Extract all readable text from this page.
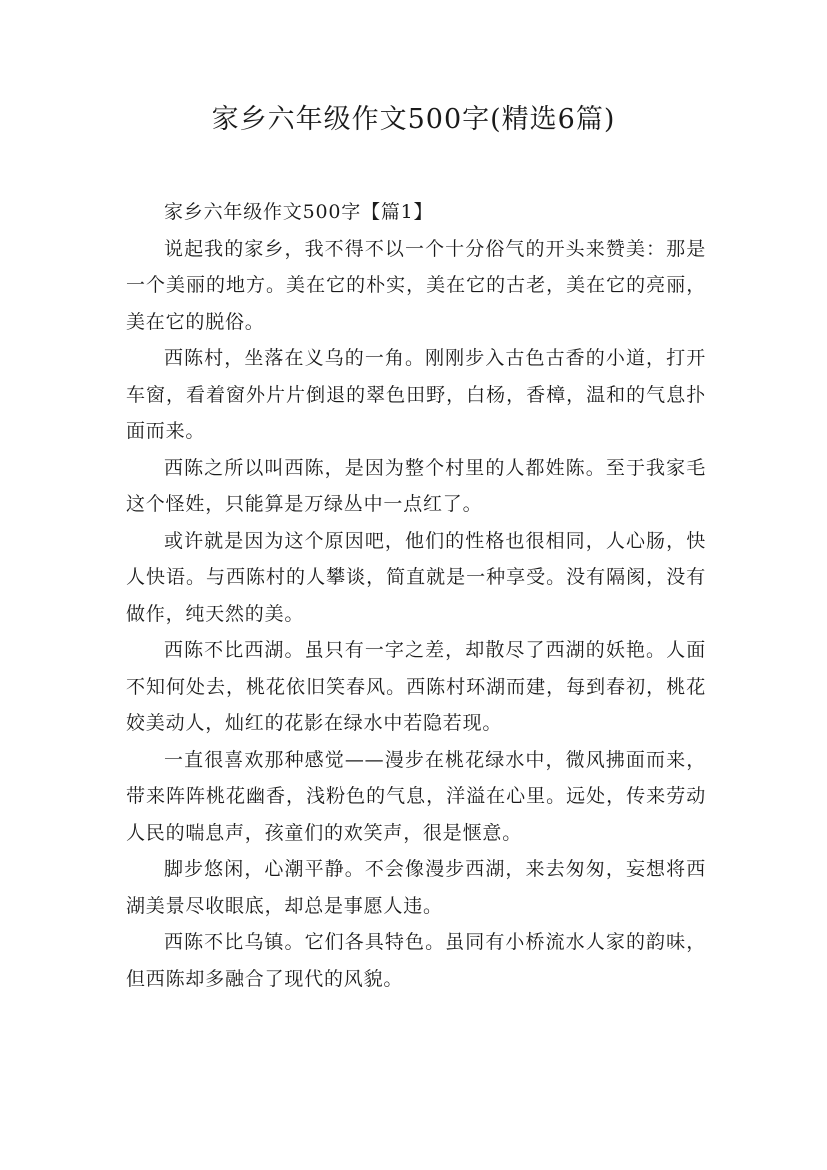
家乡六年级作文500字(精选6篇)

家乡六年级作文500字【篇1】

说起我的家乡，我不得不以一个十分俗气的开头来赞美：那是一个美丽的地方。美在它的朴实，美在它的古老，美在它的亮丽，美在它的脱俗。

西陈村，坐落在义乌的一角。刚刚步入古色古香的小道，打开车窗，看着窗外片片倒退的翠色田野，白杨，香樟，温和的气息扑面而来。

西陈之所以叫西陈，是因为整个村里的人都姓陈。至于我家毛这个怪姓，只能算是万绿丛中一点红了。

或许就是因为这个原因吧，他们的性格也很相同，人心肠，快人快语。与西陈村的人攀谈，简直就是一种享受。没有隔阂，没有做作，纯天然的美。

西陈不比西湖。虽只有一字之差，却散尽了西湖的妖艳。人面不知何处去，桃花依旧笑春风。西陈村环湖而建，每到春初，桃花姣美动人，灿红的花影在绿水中若隐若现。

一直很喜欢那种感觉——漫步在桃花绿水中，微风拂面而来，带来阵阵桃花幽香，浅粉色的气息，洋溢在心里。远处，传来劳动人民的喘息声，孩童们的欢笑声，很是惬意。

脚步悠闲，心潮平静。不会像漫步西湖，来去匆匆，妄想将西湖美景尽收眼底，却总是事愿人违。

西陈不比乌镇。它们各具特色。虽同有小桥流水人家的韵味，但西陈却多融合了现代的风貌。
